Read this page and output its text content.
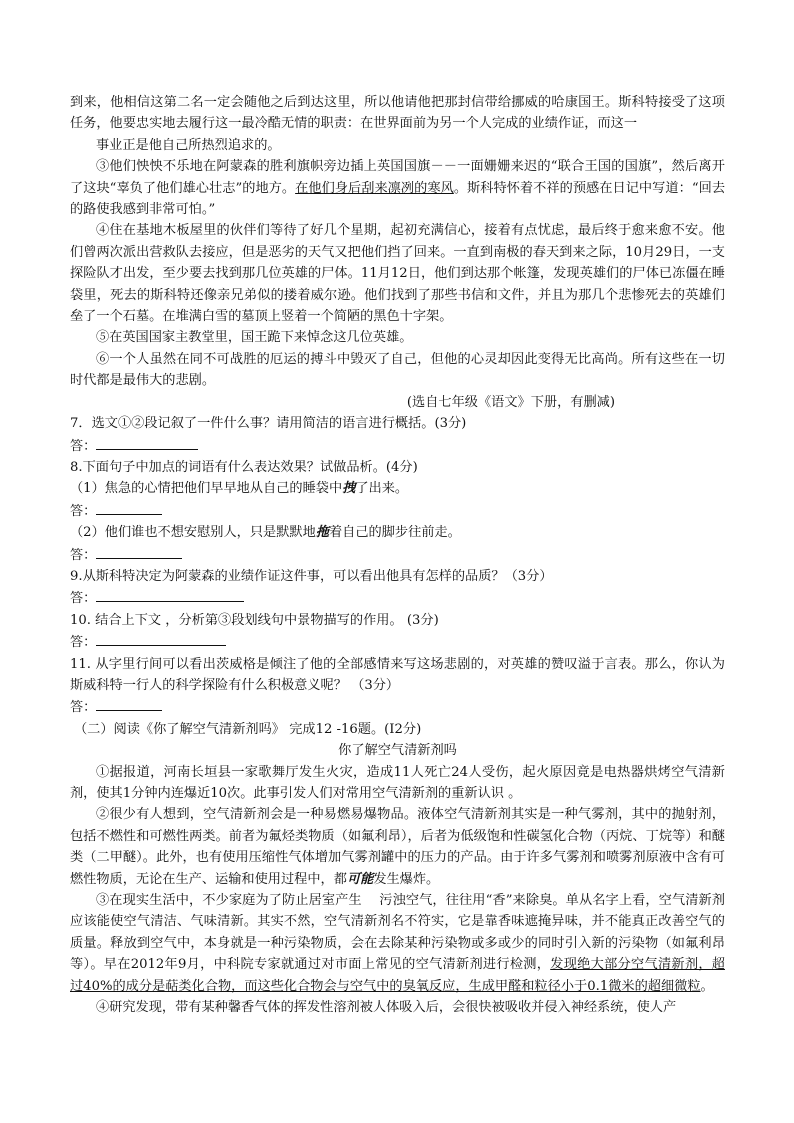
到来，他相信这第二名一定会随他之后到达这里，所以他请他把那封信带给挪威的哈康国王。斯科特接受了这项任务，他要忠实地去履行这一最冷酷无情的职责：在世界面前为另一个人完成的业绩作证，而这一

事业正是他自己所热烈追求的。

③他们怏怏不乐地在阿蒙森的胜利旗帜旁边插上英国国旗－－一面姗姗来迟的“联合王国的国旗”，然后离开了这块“辜负了他们雄心壮志”的地方。在他们身后刮来凛冽的寒风。斯科特怀着不祥的预感在日记中写道：“回去的路使我感到非常可怕。”

④住在基地木板屋里的伙伴们等待了好几个星期，起初充满信心，接着有点忧虑，最后终于愈来愈不安。他们曾两次派出营救队去接应，但是恶劣的天气又把他们挡了回来。一直到南极的春天到来之际，10月29日，一支探险队才出发，至少要去找到那几位英雄的尸体。11月12日，他们到达那个帐篷，发现英雄们的尸体已冻僵在睡袋里，死去的斯科特还像亲兄弟似的搂着威尔逊。他们找到了那些书信和文件，并且为那几个悲惨死去的英雄们垒了一个石墓。在堆满白雪的墓顶上竖着一个简陋的黑色十字架。

⑤在英国国家主教堂里，国王跪下来悼念这几位英雄。

⑥一个人虽然在同不可战胜的厄运的搏斗中毁灭了自己，但他的心灵却因此变得无比高尚。所有这些在一切时代都是最伟大的悲剧。

(选自七年级《语文》下册，有删减)

7．选文①②段记叙了一件什么事？请用简洁的语言进行概括。(3分)

答：

8.下面句子中加点的词语有什么表达效果？试做品析。(4分)

（1）焦急的心情把他们早早地从自己的睡袋中拽了出来。

答：

（2）他们谁也不想安慰别人，只是默默地拖着自己的脚步往前走。

答：

9.从斯科特决定为阿蒙森的业绩作证这件事，可以看出他具有怎样的品质？（3分）

答：

10. 结合上下文 ，分析第③段划线句中景物描写的作用。 (3分)

答：

11. 从字里行间可以看出茨威格是倾注了他的全部感情来写这场悲剧的，对英雄的赞叹溢于言表。那么，你认为斯威科特一行人的科学探险有什么积极意义呢？ （3分）

答：

（二）阅读《你了解空气清新剂吗》 完成12 -16题。(I2分)

你了解空气清新剂吗

①据报道，河南长垣县一家歌舞厅发生火灾，造成11人死亡24人受伤，起火原因竟是电热器烘烤空气清新剂，使其1分钟内连爆近10次。此事引发人们对常用空气清新剂的重新认识 。

②很少有人想到，空气清新剂会是一种易燃易爆物品。液体空气清新剂其实是一种气雾剂，其中的抛射剂，包括不燃性和可燃性两类。前者为氟烃类物质（如氟利昂），后者为低级饱和性碳氢化合物（丙烷、丁烷等）和醚类（二甲醚）。此外，也有使用压缩性气体增加气雾剂罐中的压力的产品。由于许多气雾剂和喷雾剂原液中含有可燃性物质，无论在生产、运输和使用过程中，都可能发生爆炸。

③在现实生活中，不少家庭为了防止居室产生　 污浊空气，往往用“香”来除臭。单从名字上看，空气清新剂应该能使空气清洁、气味清新。其实不然，空气清新剂名不符实，它是靠香味遮掩异味，并不能真正改善空气的质量。释放到空气中，本身就是一种污染物质，会在去除某种污染物或多或少的同时引入新的污染物（如氟利昂等）。早在2012年9月，中科院专家就通过对市面上常见的空气清新剂进行检测，发现绝大部分空气清新剂，超过40%的成分是萜类化合物，而这些化合物会与空气中的臭氧反应，生成甲醛和粒径小于0.1微米的超细微粒。

④研究发现，带有某种馨香气体的挥发性溶剂被人体吸入后，会很快被吸收并侵入神经系统，使人产
